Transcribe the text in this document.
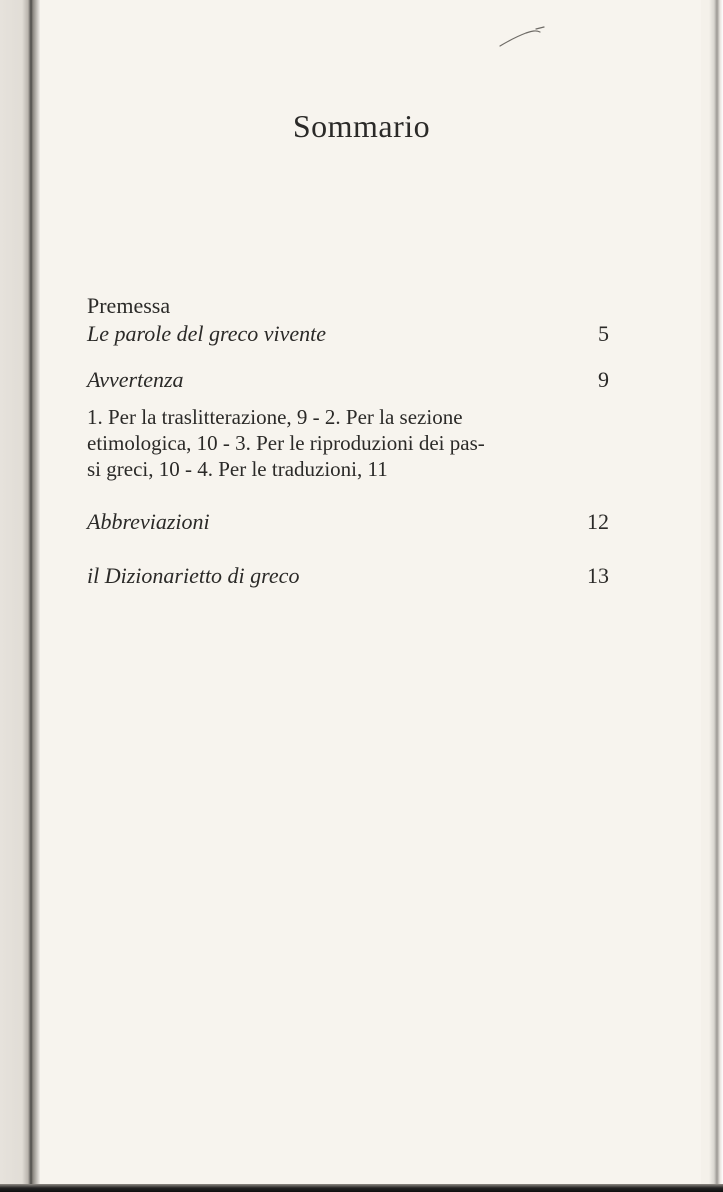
Sommario
Premessa
Le parole del greco vivente	5
Avvertenza	9
1. Per la traslitterazione, 9 - 2. Per la sezione
etimologica, 10 - 3. Per le riproduzioni dei pas-
si greci, 10 - 4. Per le traduzioni, 11
Abbreviazioni	12
il Dizionarietto di greco	13
